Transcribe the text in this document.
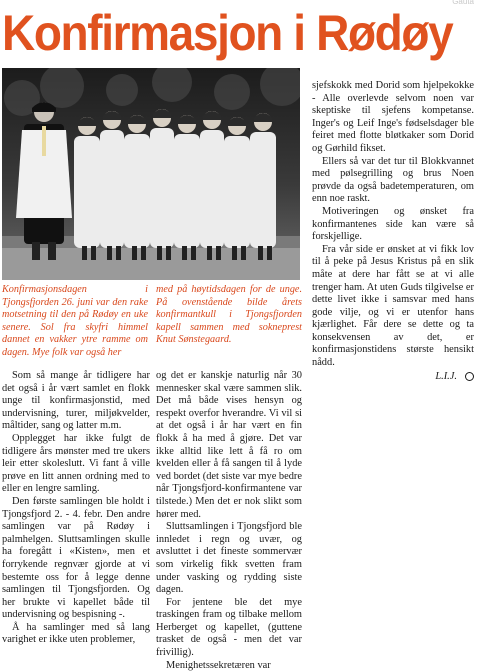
Gauta
Konfirmasjon i Rødøy
Konfirmasjonsdagen i Tjongsfjorden 26. juni var den rake motsetning til den på Rødøy en uke senere. Sol fra skyfri himmel dannet en vakker ytre ramme om dagen. Mye folk var også her
med på høytidsdagen for de unge. På ovenstående bilde årets konfirmantkull i Tjongsfjorden kapell sammen med sokneprest Knut Sønstegaard.

Som så mange år tidligere har det også i år vært samlet en flokk unge til konfirmasjonstid, med undervisning, turer, miljøkvelder, måltider, sang og latter m.m.

Opplegget har ikke fulgt de tidligere års mønster med tre ukers leir etter skoleslutt. Vi fant å ville prøve en litt annen ordning med to eller en lengre samling.

Den første samlingen ble holdt i Tjongsfjord 2. - 4. febr. Den andre samlingen var på Rødøy i palmhelgen. Sluttsamlingen skulle ha foregått i «Kisten», men et forrykende regnvær gjorde at vi bestemte oss for å legge denne samlingen til Tjongsfjorden. Og her brukte vi kapellet både til undervisning og bespisning -.

Å ha samlinger med så lang varighet er ikke uten problemer,

og det er kanskje naturlig når 30 mennesker skal være sammen slik. Det må både vises hensyn og respekt overfor hverandre. Vi vil si at det også i år har vært en fin flokk å ha med å gjøre. Det var ikke alltid like lett å få ro om kvelden eller å få sangen til å lyde ved bordet (det siste var mye bedre når Tjongsfjord-konfirmantene var tilstede.) Men det er nok slikt som hører med.

Sluttsamlingen i Tjongsfjord ble innledet i regn og uvær, og avsluttet i det fineste sommervær som virkelig fikk svetten fram under vasking og rydding siste dagen.

For jentene ble det mye traskingen fram og tilbake mellom Herberget og kapellet, (guttene trasket de også - men det var frivillig).

Menighetssekretæren var

sjefskokk med Dorid som hjelpekokke - Alle overlevde selvom noen var skeptiske til sjefens kompetanse. Inger's og Leif Inge's fødselsdager ble feiret med flotte bløtkaker som Dorid og Gørhild fikset.

Ellers så var det tur til Blokkvannet med pølsegrilling og brus Noen prøvde da også badetemperaturen, om enn noe raskt.

Motiveringen og ønsket fra konfirmantenes side kan være så forskjellige.

Fra vår side er ønsket at vi fikk lov til å peke på Jesus Kristus på en slik måte at dere har fått se at vi alle trenger ham. At uten Guds tilgivelse er dette livet ikke i samsvar med hans gode vilje, og vi er utenfor hans kjærlighet. Får dere se dette og ta konsekvensen av det, er konfirmasjonstidens største hensikt nådd.

L.I.J.
